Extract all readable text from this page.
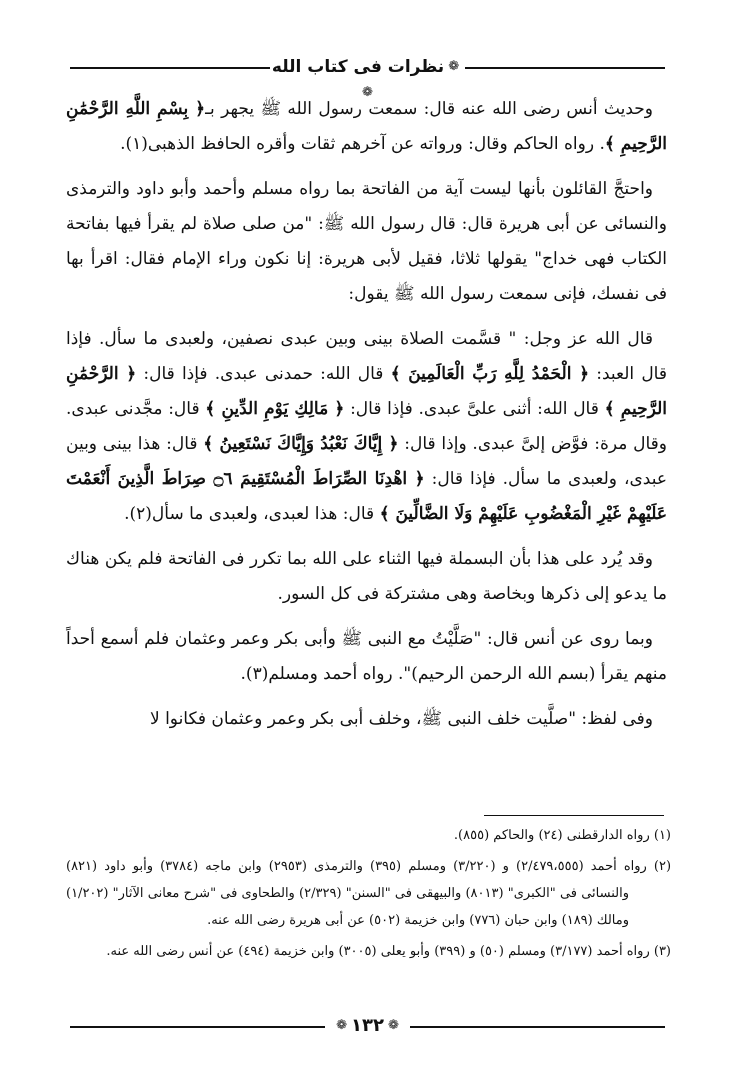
❁نظرات فى كتاب الله❁

وحديث أنس رضى الله عنه قال: سمعت رسول الله ﷺ يجهر بـ﴿ بِسْمِ اللَّهِ الرَّحْمَٰنِ الرَّحِيمِ ﴾. رواه الحاكم وقال: ورواته عن آخرهم ثقات وأقره الحافظ الذهبى(١).

واحتجَّ القائلون بأنها ليست آية من الفاتحة بما رواه مسلم وأحمد وأبو داود والترمذى والنسائى عن أبى هريرة قال: قال رسول الله ﷺ: "من صلى صلاة لم يقرأ فيها بفاتحة الكتاب فهى خداج" يقولها ثلاثا، فقيل لأبى هريرة: إنا نكون وراء الإمام فقال: اقرأ بها فى نفسك، فإنى سمعت رسول الله ﷺ يقول:

قال الله عز وجل: " قسَّمت الصلاة بينى وبين عبدى نصفين، ولعبدى ما سأل. فإذا قال العبد: ﴿ الْحَمْدُ لِلَّهِ رَبِّ الْعَالَمِينَ ﴾ قال الله: حمدنى عبدى. فإذا قال: ﴿ الرَّحْمَٰنِ الرَّحِيمِ ﴾ قال الله: أثنى علىَّ عبدى. فإذا قال: ﴿ مَالِكِ يَوْمِ الدِّينِ ﴾ قال: مجَّدنى عبدى. وقال مرة: فوَّض إلىَّ عبدى. وإذا قال: ﴿ إِيَّاكَ نَعْبُدُ وَإِيَّاكَ نَسْتَعِينُ ﴾ قال: هذا بينى وبين عبدى، ولعبدى ما سأل. فإذا قال: ﴿ اهْدِنَا الصِّرَاطَ الْمُسْتَقِيمَ ۝٦ صِرَاطَ الَّذِينَ أَنْعَمْتَ عَلَيْهِمْ غَيْرِ الْمَغْضُوبِ عَلَيْهِمْ وَلَا الضَّالِّينَ ﴾ قال: هذا لعبدى، ولعبدى ما سأل(٢).

وقد يُرد على هذا بأن البسملة فيها الثناء على الله بما تكرر فى الفاتحة فلم يكن هناك ما يدعو إلى ذكرها وبخاصة وهى مشتركة فى كل السور.

وبما روى عن أنس قال: "صَلَّيْتُ مع النبى ﷺ وأبى بكر وعمر وعثمان فلم أسمع أحداً منهم يقرأ (بسم الله الرحمن الرحيم)". رواه أحمد ومسلم(٣).

وفى لفظ: "صلَّيت خلف النبى ﷺ، وخلف أبى بكر وعمر وعثمان فكانوا لا

(١) رواه الدارقطنى (٢٤) والحاكم (٨٥٥).

(٢) رواه أحمد (٢/٤٧٩،٥٥٥) و (٣/٢٢٠) ومسلم (٣٩٥) والترمذى (٢٩٥٣) وابن ماجه (٣٧٨٤) وأبو داود (٨٢١) والنسائى فى "الكبرى" (٨٠١٣) والبيهقى فى "السنن" (٢/٣٢٩) والطحاوى فى "شرح معانى الآثار" (١/٢٠٢) ومالك (١٨٩) وابن حبان (٧٧٦) وابن خزيمة (٥٠٢) عن أبى هريرة رضى الله عنه.

(٣) رواه أحمد (٣/١٧٧) ومسلم (٥٠) و (٣٩٩) وأبو يعلى (٣٠٠٥) وابن خزيمة (٤٩٤) عن أنس رضى الله عنه.

❁ ١٣٢ ❁
